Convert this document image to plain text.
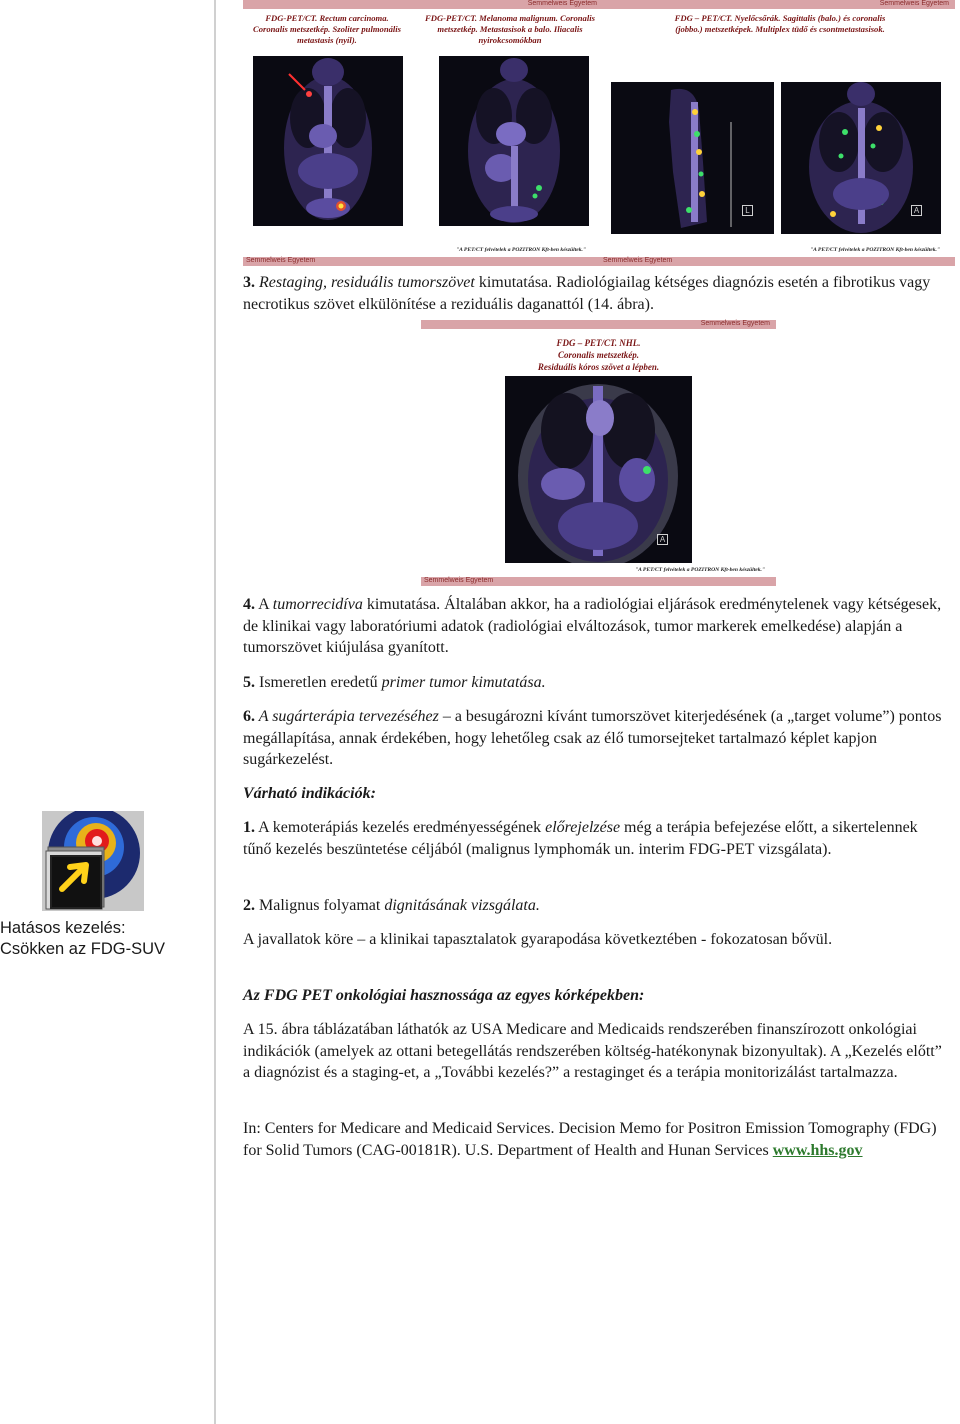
Semmelweis Egyetem
FDG-PET/CT. Rectum carcinoma. Coronalis metszetkép. Szoliter pulmonális metastasis (nyíl).
FDG-PET/CT. Melanoma malignum. Coronalis metszetkép. Metastasisok a balo. Iliacalis nyirokcsomókban
"A PET/CT felvételek a POZITRON Kft-ben készültek."
Semmelweis Egyetem
Semmelweis Egyetem
FDG – PET/CT. Nyelőcsőrák. Sagittalis (balo.) és coronalis (jobbo.) metszetképek. Multiplex tüdő és csontmetastasisok.
L	A
"A PET/CT felvételek a POZITRON Kft-ben készültek."
Semmelweis Egyetem
3. Restaging, residuális tumorszövet kimutatása. Radiológiailag kétséges diagnózis esetén a fibrotikus vagy necrotikus szövet elkülönítése a reziduális daganattól (14. ábra).
Semmelweis Egyetem
FDG – PET/CT. NHL.
Coronalis metszetkép.
Residuális kóros szövet a lépben.
A
"A PET/CT felvételek a POZITRON Kft-ben készültek."
Semmelweis Egyetem
4. A tumorrecidíva kimutatása. Általában akkor, ha a radiológiai eljárások eredménytelenek vagy kétségesek, de klinikai vagy laboratóriumi adatok (radiológiai elváltozások, tumor markerek emelkedése) alapján a tumorszövet kiújulása gyanított.
5. Ismeretlen eredetű primer tumor kimutatása.
6. A sugárterápia tervezéséhez – a besugározni kívánt tumorszövet kiterjedésének (a „target volume”) pontos megállapítása, annak érdekében, hogy lehetőleg csak az élő tumorsejteket tartalmazó képlet kapjon sugárkezelést.
Várható indikációk:
1. A kemoterápiás kezelés eredményességének előrejelzése még a terápia befejezése előtt, a sikertelennek tűnő kezelés beszüntetése céljából (malignus lymphomák un. interim FDG-PET vizsgálata).
2. Malignus folyamat dignitásának vizsgálata.
A javallatok köre – a klinikai tapasztalatok gyarapodása következtében - fokozatosan bővül.
Az FDG PET onkológiai hasznossága az egyes kórképekben:
A 15. ábra táblázatában láthatók az USA Medicare and Medicaids rendszerében finanszírozott onkológiai indikációk (amelyek az ottani betegellátás rendszerében költség-hatékonynak bizonyultak). A „Kezelés előtt” a diagnózist és a staging-et, a „További kezelés?” a restaginget és a terápia monitorizálást tartalmazza.
In: Centers for Medicare and Medicaid Services. Decision Memo for Positron Emission Tomography (FDG) for Solid Tumors (CAG-00181R). U.S. Department of Health and Hunan Services www.hhs.gov
Hatásos kezelés:
Csökken az FDG-SUV
